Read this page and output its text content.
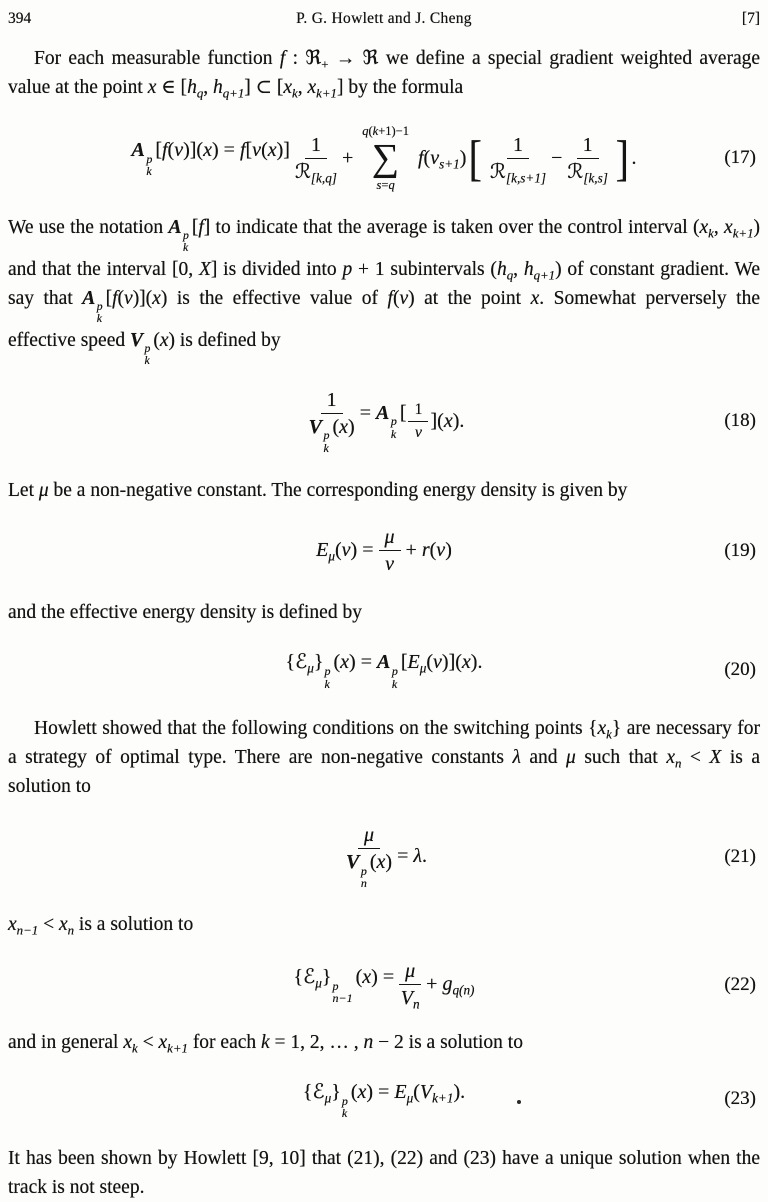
394	P. G. Howlett and J. Cheng	[7]

For each measurable function f : ℜ$_+$ → ℜ we define a special gradient weighted average value at the point x ∈ [$h_q$, $h_{q+1}$] ⊂ [$x_k$, $x_{k+1}$] by the formula

A p
k
$[f(v)](x) = f[v(x)] \frac{1}{ℛ_{[k,q]}}$ +
q(k+1)−1
∑
s=q
$f(v_{s+1})$ [ $\frac{1}{ℛ_{[k,s+1]}} - \frac{1}{ℛ_{[k,s]}}$ ] .	(17)

We use the notation A p
k
[f] to indicate that the average is taken over the control interval ($x_k$, $x_{k+1}$) and that the interval [0, X] is divided into p + 1 subintervals ($h_q$, $h_{q+1}$) of constant gradient. We say that A p
k
[f(v)](x) is the effective value of f(v) at the point x. Somewhat perversely the effective speed V p
k
(x) is defined by

1
V p
k
(x) = A p
k
[ $\frac{1}{v} ](x)$.	(18)

Let μ be a non-negative constant. The corresponding energy density is given by

$E_\mu(v) = \frac{\mu}{v} + r(v)$	(19)

and the effective energy density is defined by

{ℰ$_\mu$} p
k
(x) = A p
k
$[E_\mu(v)](x)$.	(20)

Howlett showed that the following conditions on the switching points $\{x_k\}$ are necessary for a strategy of optimal type. There are non-negative constants λ and μ such that $x_n < X$ is a solution to

μ
V p
n
(x) = λ.	(21)

$x_{n-1} < x_n$ is a solution to

{ℰ$_\mu$} p
n−1
$(x) = \frac{\mu}{V_n} + g_{q(n)}$	(22)

and in general $x_k < x_{k+1}$ for each k = 1, 2, … , n − 2 is a solution to

{ℰ$_\mu$} p
k
$(x) = E_\mu(V_{k+1})$.	(23)

It has been shown by Howlett [9, 10] that (21), (22) and (23) have a unique solution when the track is not steep.
